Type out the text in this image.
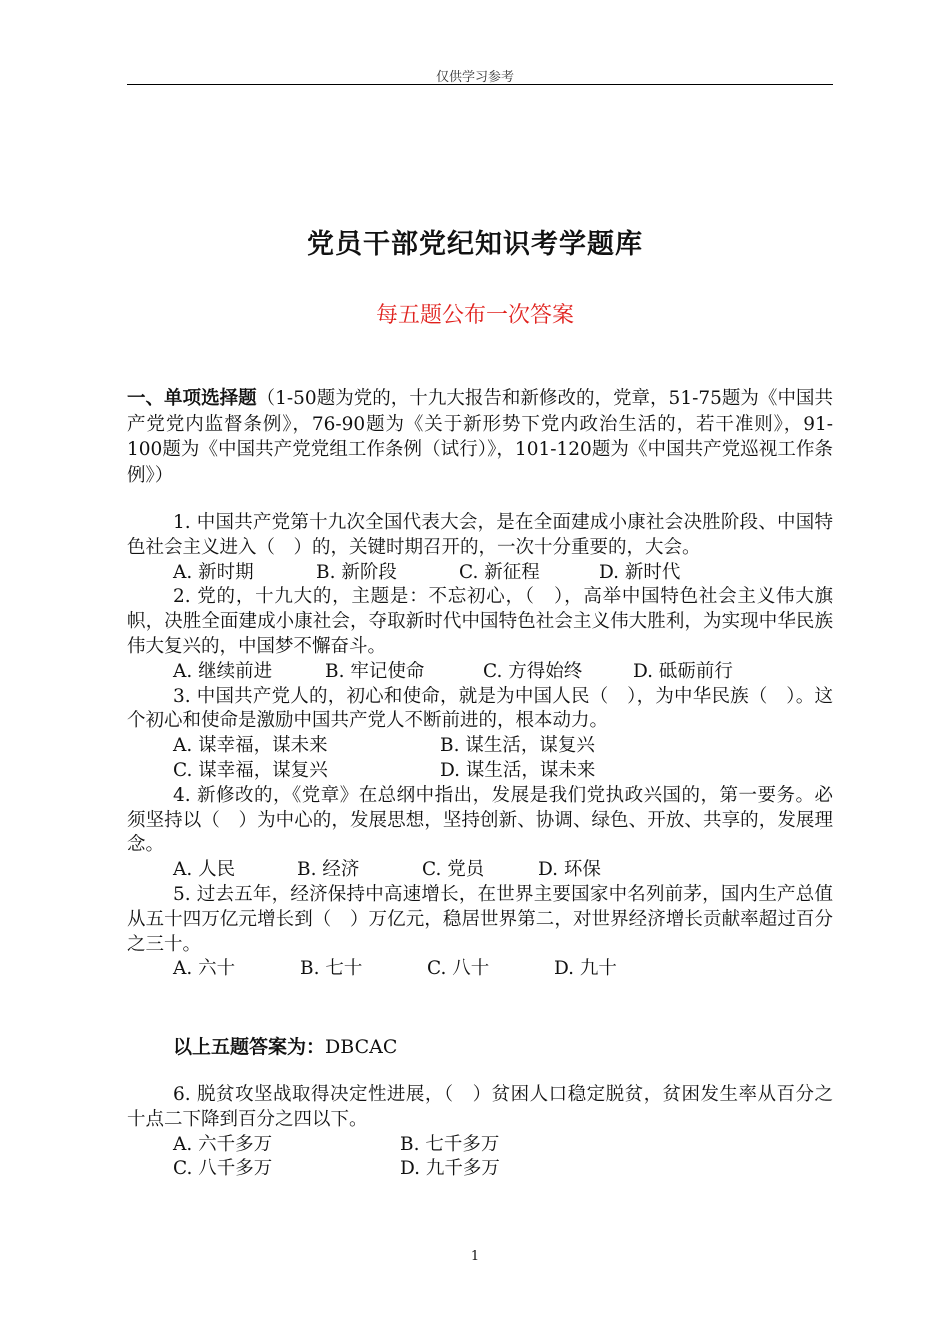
仅供学习参考
党员干部党纪知识考学题库
每五题公布一次答案
一、单项选择题（1-50题为党的，十九大报告和新修改的，党章，51-75题为《中国共产党党内监督条例》，76-90题为《关于新形势下党内政治生活的，若干准则》，91-100题为《中国共产党党组工作条例（试行）》，101-120题为《中国共产党巡视工作条例》）

1. 中国共产党第十九次全国代表大会，是在全面建成小康社会决胜阶段、中国特色社会主义进入（　）的，关键时期召开的，一次十分重要的，大会。

A. 新时期	B. 新阶段	C. 新征程	D. 新时代

2. 党的，十九大的，主题是：不忘初心，（　），高举中国特色社会主义伟大旗帜，决胜全面建成小康社会，夺取新时代中国特色社会主义伟大胜利，为实现中华民族伟大复兴的，中国梦不懈奋斗。

A. 继续前进	B. 牢记使命	C. 方得始终	D. 砥砺前行

3. 中国共产党人的，初心和使命，就是为中国人民（　），为中华民族（　）。这个初心和使命是激励中国共产党人不断前进的，根本动力。

A. 谋幸福，谋未来	B. 谋生活，谋复兴

C. 谋幸福，谋复兴	D. 谋生活，谋未来

4. 新修改的，《党章》在总纲中指出，发展是我们党执政兴国的，第一要务。必须坚持以（　）为中心的，发展思想，坚持创新、协调、绿色、开放、共享的，发展理念。

A. 人民	B. 经济	C. 党员	D. 环保

5. 过去五年，经济保持中高速增长，在世界主要国家中名列前茅，国内生产总值从五十四万亿元增长到（　）万亿元，稳居世界第二，对世界经济增长贡献率超过百分之三十。

A. 六十	B. 七十	C. 八十	D. 九十

以上五题答案为：DBCAC

6. 脱贫攻坚战取得决定性进展，（　）贫困人口稳定脱贫，贫困发生率从百分之十点二下降到百分之四以下。

A. 六千多万	B. 七千多万

C. 八千多万	D. 九千多万

1
